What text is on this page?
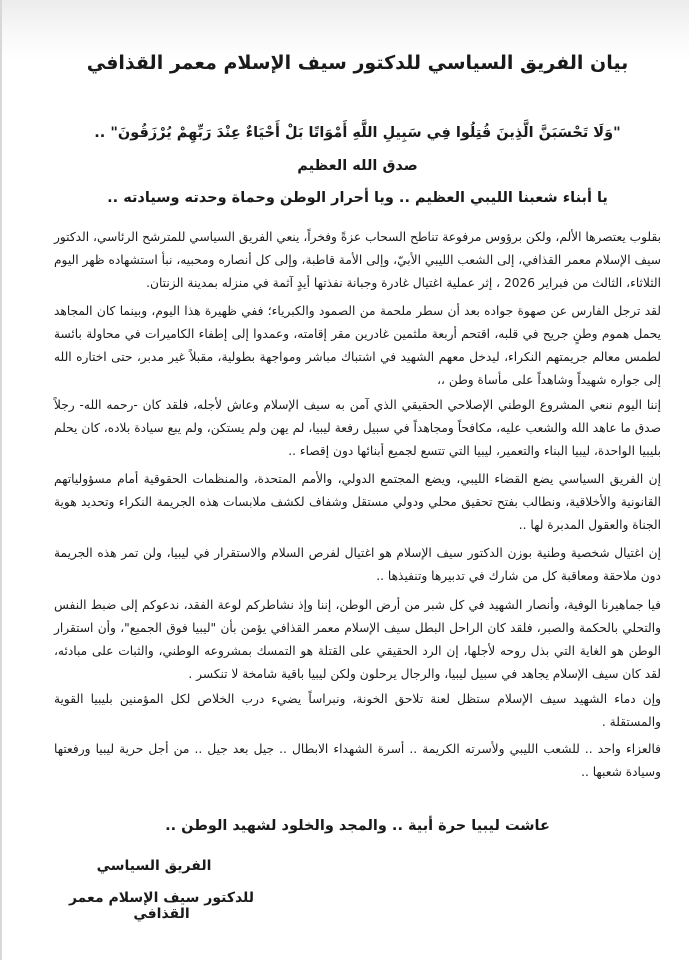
بيان الفريق السياسي للدكتور سيف الإسلام معمر القذافي
"وَلَا تَحْسَبَنَّ الَّذِينَ قُتِلُوا فِي سَبِيلِ اللَّهِ أَمْوَاتًا بَلْ أَحْيَاءٌ عِنْدَ رَبِّهِمْ يُرْزَقُونَ" ..
صدق الله العظيم
يا أبناء شعبنا الليبي العظيم .. ويا أحرار الوطن وحماة وحدته وسيادته ..
بقلوب يعتصرها الألم، ولكن برؤوس مرفوعة تناطح السحاب عزةً وفخراً، ينعي الفريق السياسي للمترشح الرئاسي، الدكتور سيف الإسلام معمر القذافي، إلى الشعب الليبي الأبيّ، وإلى الأمة قاطبة، وإلى كل أنصاره ومحبيه، نبأ استشهاده ظهر اليوم الثلاثاء، الثالث من فبراير 2026 ، إثر عملية اغتيال غادرة وجبانة نفذتها أيدٍ آثمة في منزله بمدينة الزنتان.
لقد ترجل الفارس عن صهوة جواده بعد أن سطر ملحمة من الصمود والكبرياء؛ ففي ظهيرة هذا اليوم، وبينما كان المجاهد يحمل هموم وطنٍ جريح في قلبه، اقتحم أربعة ملثمين غادرين مقر إقامته، وعمدوا إلى إطفاء الكاميرات في محاولة بائسة لطمس معالم جريمتهم النكراء، ليدخل معهم الشهيد في اشتباك مباشر ومواجهة بطولية، مقبلاً غير مدبر، حتى اختاره الله إلى جواره شهيداً وشاهداً على مأساة وطن ،،
إننا اليوم ننعي المشروع الوطني الإصلاحي الحقيقي الذي آمن به سيف الإسلام وعاش لأجله، فلقد كان -رحمه الله- رجلاً صدق ما عاهد الله والشعب عليه، مكافحاً ومجاهداً في سبيل رفعة ليبيا، لم يهن ولم يستكن، ولم يبع سيادة بلاده، كان يحلم بليبيا الواحدة، ليبيا البناء والتعمير، ليبيا التي تتسع لجميع أبنائها دون إقصاء ..
إن الفريق السياسي يضع القضاء الليبي، ويضع المجتمع الدولي، والأمم المتحدة، والمنظمات الحقوقية أمام مسؤولياتهم القانونية والأخلاقية، ونطالب بفتح تحقيق محلي ودولي مستقل وشفاف لكشف ملابسات هذه الجريمة النكراء وتحديد هوية الجناة والعقول المدبرة لها ..
إن اغتيال شخصية وطنية بوزن الدكتور سيف الإسلام هو اغتيال لفرص السلام والاستقرار في ليبيا، ولن تمر هذه الجريمة دون ملاحقة ومعاقبة كل من شارك في تدبيرها وتنفيذها ..
فيا جماهيرنا الوفية، وأنصار الشهيد في كل شبر من أرض الوطن، إننا وإذ نشاطركم لوعة الفقد، ندعوكم إلى ضبط النفس والتحلي بالحكمة والصبر، فلقد كان الراحل البطل سيف الإسلام معمر القذافي يؤمن بأن "ليبيا فوق الجميع"، وأن استقرار الوطن هو الغاية التي بذل روحه لأجلها، إن الرد الحقيقي على القتلة هو التمسك بمشروعه الوطني، والثبات على مبادئه، لقد كان سيف الإسلام يجاهد في سبيل ليبيا، والرجال يرحلون ولكن ليبيا باقية شامخة لا تنكسر .
وإن دماء الشهيد سيف الإسلام ستظل لعنة تلاحق الخونة، ونبراساً يضيء درب الخلاص لكل المؤمنين بليبيا القوية والمستقلة .
فالعزاء واحد .. للشعب الليبي ولأسرته الكريمة .. أسرة الشهداء الابطال .. جيل بعد جيل .. من أجل حرية ليبيا ورفعتها وسيادة شعبها ..
عاشت ليبيا حرة أبية .. والمجد والخلود لشهيد الوطن ..
الفريق السياسي
للدكتور سيف الإسلام معمر القذافي
